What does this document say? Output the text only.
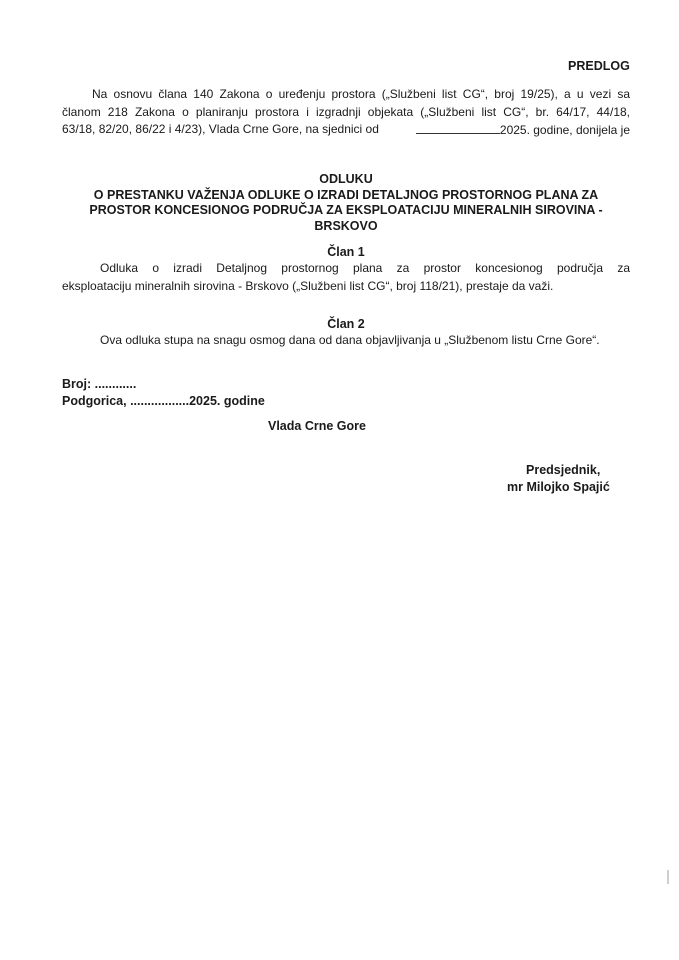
PREDLOG
Na osnovu člana 140 Zakona o uređenju prostora („Službeni list CG“, broj 19/25), a u vezi sa
članom 218 Zakona o planiranju prostora i izgradnji objekata („Službeni list CG“, br. 64/17, 44/18,
63/18, 82/20, 86/22 i 4/23), Vlada Crne Gore, na sjednici od	2025. godine, donijela je
ODLUKU
O PRESTANKU VAŽENJA ODLUKE O IZRADI DETALJNOG PROSTORNOG PLANA ZA
PROSTOR KONCESIONOG PODRUČJA ZA EKSPLOATACIJU MINERALNIH SIROVINA -
BRSKOVO
Član 1
Odluka o izradi Detaljnog prostornog plana za prostor koncesionog područja za
eksploataciju mineralnih sirovina - Brskovo („Službeni list CG“, broj 118/21), prestaje da važi.
Član 2
Ova odluka stupa na snagu osmog dana od dana objavljivanja u „Službenom listu Crne Gore“.
Broj: ............
Podgorica, .................2025. godine
Vlada Crne Gore
Predsjednik,
mr Milojko Spajić
